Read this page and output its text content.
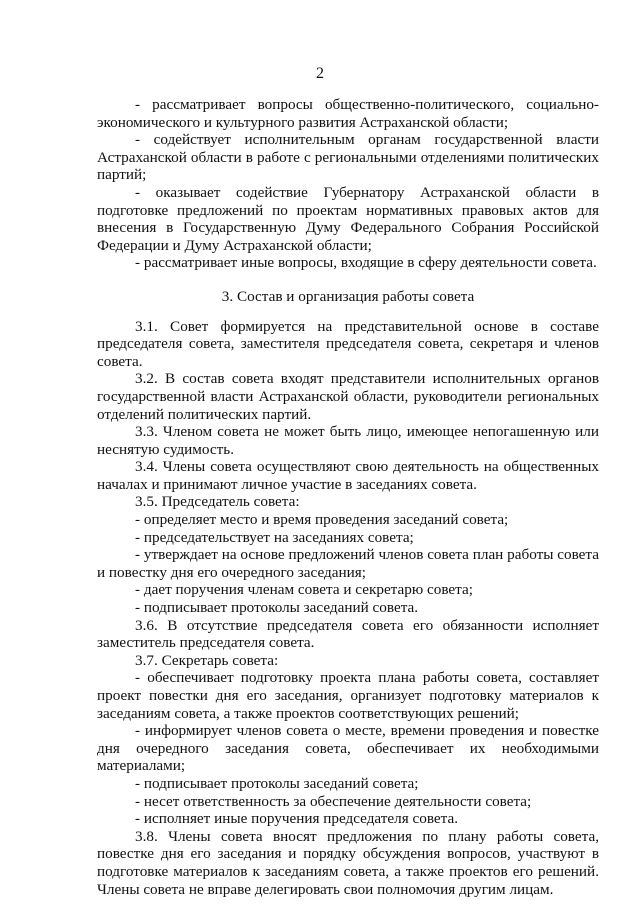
2

- рассматривает вопросы общественно-политического, социально-экономического и культурного развития Астраханской области;

- содействует исполнительным органам государственной власти Астраханской области в работе с региональными отделениями политических партий;

- оказывает содействие Губернатору Астраханской области в подготовке предложений по проектам нормативных правовых актов для внесения в Государственную Думу Федерального Собрания Российской Федерации и Думу Астраханской области;

- рассматривает иные вопросы, входящие в сферу деятельности совета.

3. Состав и организация работы совета

3.1. Совет формируется на представительной основе в составе председателя совета, заместителя председателя совета, секретаря и членов совета.

3.2. В состав совета входят представители исполнительных органов государственной власти Астраханской области, руководители региональных отделений политических партий.

3.3. Членом совета не может быть лицо, имеющее непогашенную или неснятую судимость.

3.4. Члены совета осуществляют свою деятельность на общественных началах и принимают личное участие в заседаниях совета.

3.5. Председатель совета:

- определяет место и время проведения заседаний совета;

- председательствует на заседаниях совета;

- утверждает на основе предложений членов совета план работы совета и повестку дня его очередного заседания;

- дает поручения членам совета и секретарю совета;

- подписывает протоколы заседаний совета.

3.6. В отсутствие председателя совета его обязанности исполняет заместитель председателя совета.

3.7. Секретарь совета:

- обеспечивает подготовку проекта плана работы совета, составляет проект повестки дня его заседания, организует подготовку материалов к заседаниям совета, а также проектов соответствующих решений;

- информирует членов совета о месте, времени проведения и повестке дня очередного заседания совета, обеспечивает их необходимыми материалами;

- подписывает протоколы заседаний совета;

- несет ответственность за обеспечение деятельности совета;

- исполняет иные поручения председателя совета.

3.8. Члены совета вносят предложения по плану работы совета, повестке дня его заседания и порядку обсуждения вопросов, участвуют в подготовке материалов к заседаниям совета, а также проектов его решений. Члены совета не вправе делегировать свои полномочия другим лицам.
